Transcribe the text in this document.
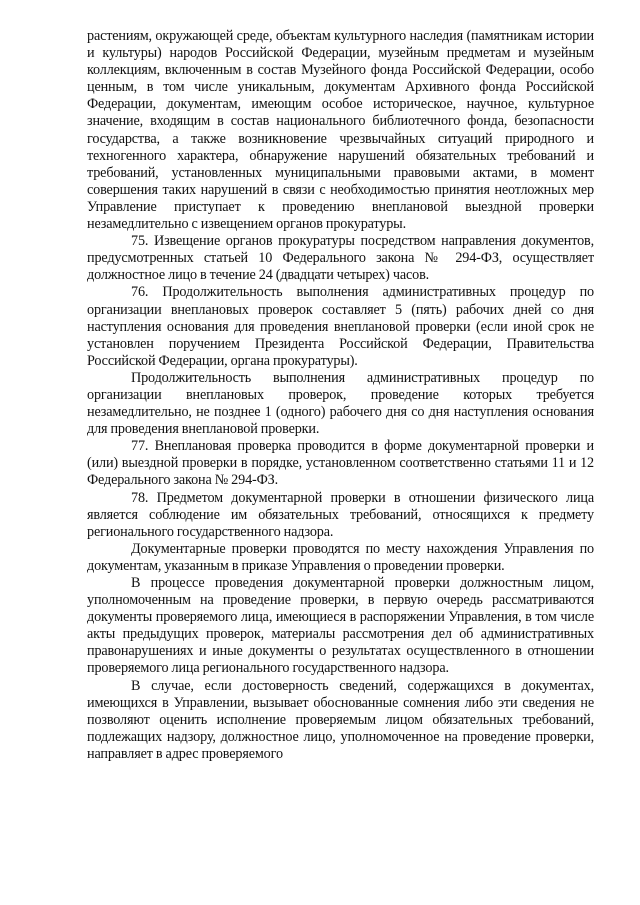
растениям, окружающей среде, объектам культурного наследия (памятникам истории и культуры) народов Российской Федерации, музейным предметам и музейным коллекциям, включенным в состав Музейного фонда Российской Федерации, особо ценным, в том числе уникальным, документам Архивного фонда Российской Федерации, документам, имеющим особое историческое, научное, культурное значение, входящим в состав национального библиотечного фонда, безопасности государства, а также возникновение чрезвычайных ситуаций природного и техногенного характера, обнаружение нарушений обязательных требований и требований, установленных муниципальными правовыми актами, в момент совершения таких нарушений в связи с необходимостью принятия неотложных мер Управление приступает к проведению внеплановой выездной проверки незамедлительно с извещением органов прокуратуры.

75. Извещение органов прокуратуры посредством направления документов, предусмотренных статьей 10 Федерального закона № 294-ФЗ, осуществляет должностное лицо в течение 24 (двадцати четырех) часов.

76. Продолжительность выполнения административных процедур по организации внеплановых проверок составляет 5 (пять) рабочих дней со дня наступления основания для проведения внеплановой проверки (если иной срок не установлен поручением Президента Российской Федерации, Правительства Российской Федерации, органа прокуратуры).

Продолжительность выполнения административных процедур по организации внеплановых проверок, проведение которых требуется незамедлительно, не позднее 1 (одного) рабочего дня со дня наступления основания для проведения внеплановой проверки.

77. Внеплановая проверка проводится в форме документарной проверки и (или) выездной проверки в порядке, установленном соответственно статьями 11 и 12 Федерального закона № 294-ФЗ.

78. Предметом документарной проверки в отношении физического лица является соблюдение им обязательных требований, относящихся к предмету регионального государственного надзора.

Документарные проверки проводятся по месту нахождения Управления по документам, указанным в приказе Управления о проведении проверки.

В процессе проведения документарной проверки должностным лицом, уполномоченным на проведение проверки, в первую очередь рассматриваются документы проверяемого лица, имеющиеся в распоряжении Управления, в том числе акты предыдущих проверок, материалы рассмотрения дел об административных правонарушениях и иные документы о результатах осуществленного в отношении проверяемого лица регионального государственного надзора.

В случае, если достоверность сведений, содержащихся в документах, имеющихся в Управлении, вызывает обоснованные сомнения либо эти сведения не позволяют оценить исполнение проверяемым лицом обязательных требований, подлежащих надзору, должностное лицо, уполномоченное на проведение проверки, направляет в адрес проверяемого
